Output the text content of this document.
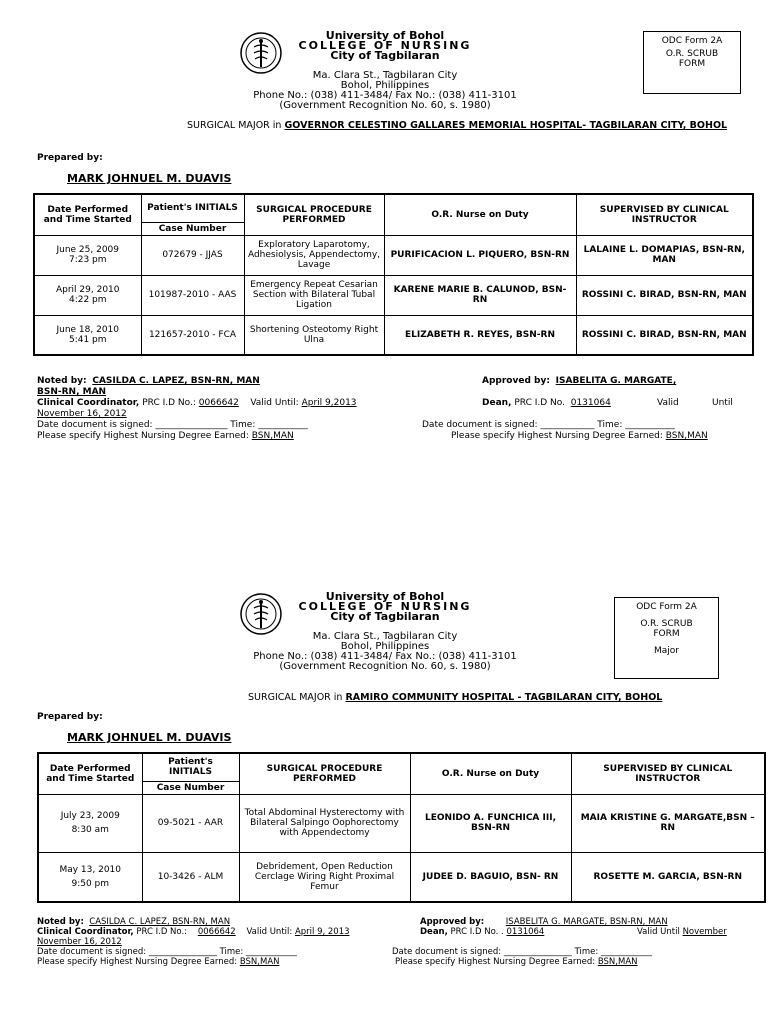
University of Bohol
COLLEGE OF NURSING
City of Tagbilaran
Ma. Clara St., Tagbilaran City
Bohol, Philippines
Phone No.: (038) 411-3484/ Fax No.: (038) 411-3101
(Government Recognition No. 60, s. 1980)
ODC Form 2A
O.R. SCRUB
FORM
SURGICAL MAJOR in GOVERNOR CELESTINO GALLARES MEMORIAL HOSPITAL- TAGBILARAN CITY, BOHOL
Prepared by:
MARK JOHNUEL M. DUAVIS
Date Performed and Time Started	Patient's INITIALS	SURGICAL PROCEDURE PERFORMED	O.R. Nurse on Duty	SUPERVISED BY CLINICAL INSTRUCTOR
	Case Number			

June 25, 2009
7:23 pm	072679 - JJAS	Exploratory Laparotomy, Adhesiolysis, Appendectomy, Lavage	PURIFICACION L. PIQUERO, BSN-RN	LALAINE L. DOMAPIAS, BSN-RN, MAN

April 29, 2010
4:22 pm	101987-2010 - AAS	Emergency Repeat Cesarian Section with Bilateral Tubal Ligation	KARENE MARIE B. CALUNOD, BSN-RN	ROSSINI C. BIRAD, BSN-RN, MAN

June 18, 2010
5:41 pm	121657-2010 - FCA	Shortening Osteotomy Right Ulna	ELIZABETH R. REYES, BSN-RN	ROSSINI C. BIRAD, BSN-RN, MAN
Noted by: CASILDA C. LAPEZ, BSN-RN, MAN
BSN-RN, MAN
Clinical Coordinator, PRC I.D No.: 0066642 Valid Until: April 9,2013
November 16, 2012
Date document is signed: ________________ Time: ___________
Please specify Highest Nursing Degree Earned: BSN,MAN
Approved by: ISABELITA G. MARGATE,
Dean, PRC I.D No. 0131064	Valid	Until
Date document is signed: ____________ Time: ___________
Please specify Highest Nursing Degree Earned: BSN,MAN
University of Bohol
COLLEGE OF NURSING
City of Tagbilaran
Ma. Clara St., Tagbilaran City
Bohol, Philippines
Phone No.: (038) 411-3484/ Fax No.: (038) 411-3101
(Government Recognition No. 60, s. 1980)
ODC Form 2A
O.R. SCRUB
FORM
Major
SURGICAL MAJOR in RAMIRO COMMUNITY HOSPITAL - TAGBILARAN CITY, BOHOL
Prepared by:
MARK JOHNUEL M. DUAVIS
Date Performed and Time Started	Patient's INITIALS	SURGICAL PROCEDURE PERFORMED	O.R. Nurse on Duty	SUPERVISED BY CLINICAL INSTRUCTOR
	Case Number			

July 23, 2009
8:30 am	09-5021 - AAR	Total Abdominal Hysterectomy with Bilateral Salpingo Oophorectomy with Appendectomy	LEONIDO A. FUNCHICA III, BSN-RN	MAIA KRISTINE G. MARGATE,BSN –RN

May 13, 2010
9:50 pm	10-3426 - ALM	Debridement, Open Reduction Cerclage Wiring Right Proximal Femur	JUDEE D. BAGUIO, BSN- RN	ROSETTE M. GARCIA, BSN-RN
Noted by: CASILDA C. LAPEZ, BSN-RN, MAN
Clinical Coordinator, PRC I.D No.: 0066642 Valid Until: April 9, 2013
November 16, 2012
Date document is signed: ________________ Time: ____________
Please specify Highest Nursing Degree Earned: BSN,MAN
Approved by:	ISABELITA G. MARGATE, BSN-RN, MAN
Dean, PRC I.D No. . 0131064	Valid Until November
Date document is signed: ________________ Time: ____________
Please specify Highest Nursing Degree Earned: BSN,MAN
